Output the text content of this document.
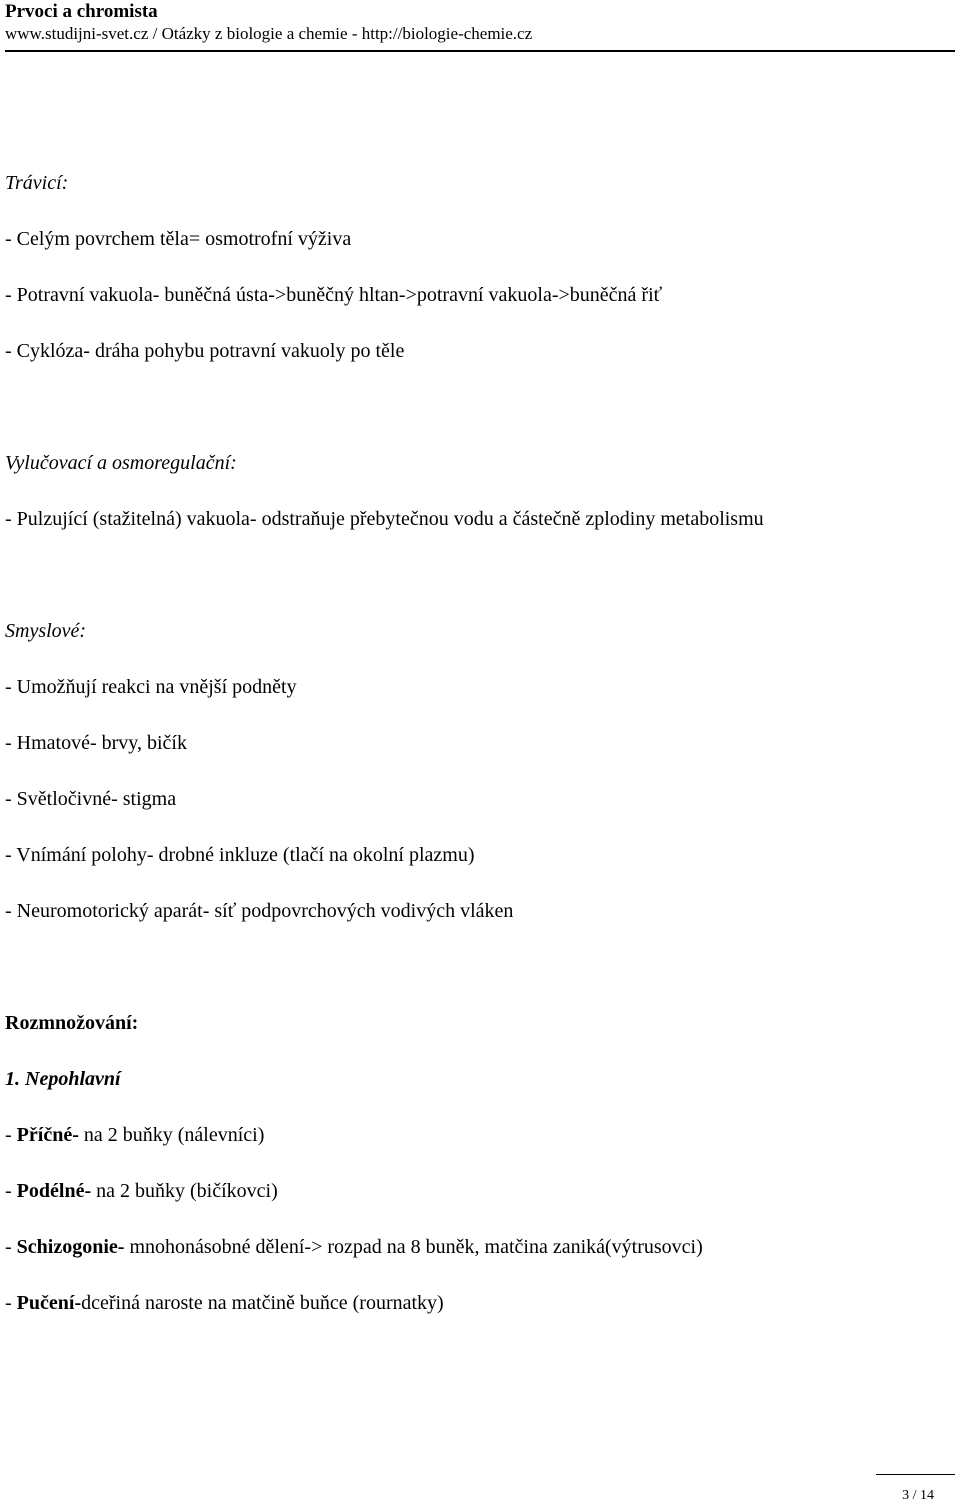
Prvoci a chromista
www.studijni-svet.cz / Otázky z biologie a chemie - http://biologie-chemie.cz
Trávicí:
- Celým povrchem těla= osmotrofní výživa
- Potravní vakuola- buněčná ústa->buněčný hltan->potravní vakuola->buněčná řiť
- Cyklóza- dráha pohybu potravní vakuoly po těle
Vylučovací a osmoregulační:
- Pulzující (stažitelná) vakuola- odstraňuje přebytečnou vodu a částečně zplodiny metabolismu
Smyslové:
- Umožňují reakci na vnější podněty
- Hmatové- brvy, bičík
- Světločivné- stigma
- Vnímání polohy- drobné inkluze (tlačí na okolní plazmu)
- Neuromotorický aparát- síť podpovrchových vodivých vláken
Rozmnožování:
1. Nepohlavní
- Příčné- na 2 buňky (nálevníci)
- Podélné- na 2 buňky (bičíkovci)
- Schizogonie- mnohonásobné dělení-> rozpad na 8 buněk, matčina zaniká(výtrusovci)
- Pučení-dceřiná naroste na matčině buňce (rournatky)
3 / 14
